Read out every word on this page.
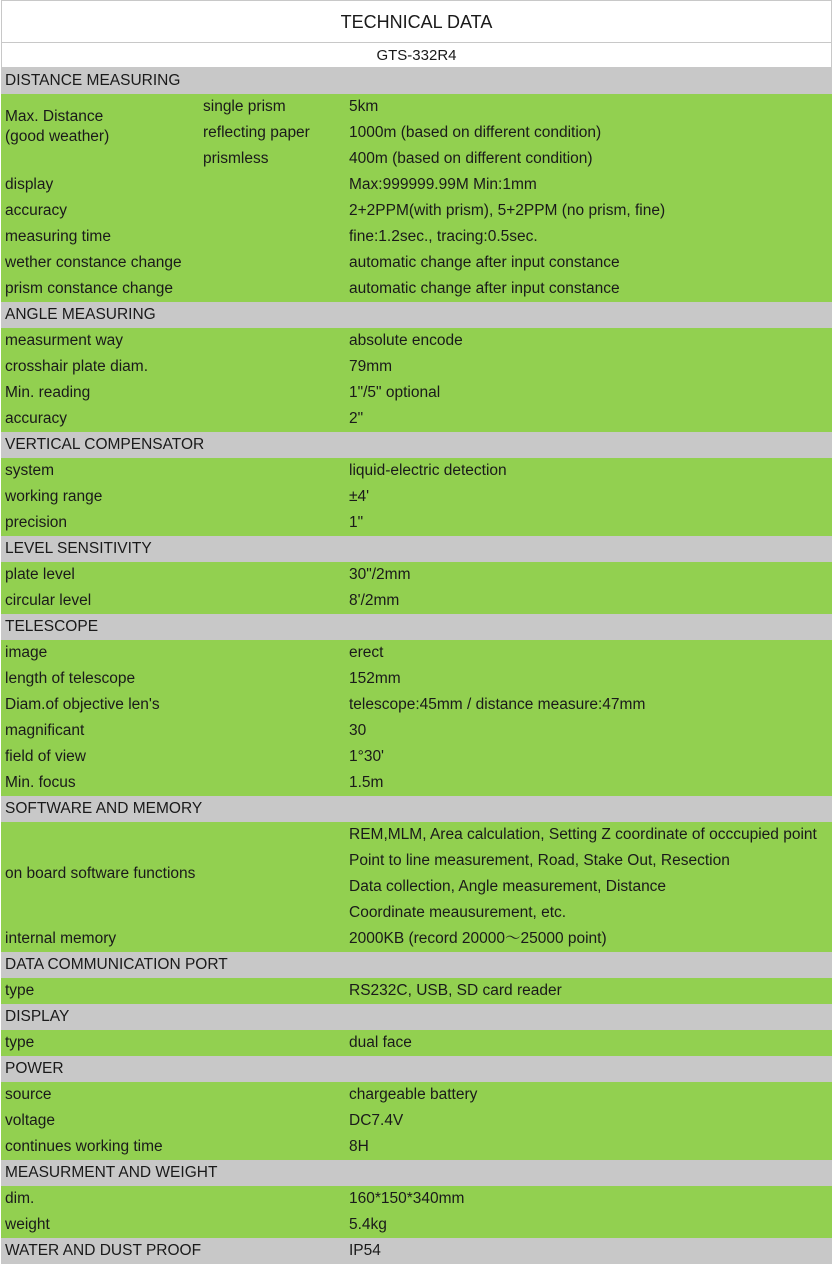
TECHNICAL DATA
GTS-332R4
DISTANCE MEASURING
Max. Distance
(good weather)
single prism	5km
reflecting paper	1000m (based on different condition)
prismless	400m (based on different condition)
display	Max:999999.99M Min:1mm
accuracy	2+2PPM(with prism), 5+2PPM (no prism, fine)
measuring time	fine:1.2sec., tracing:0.5sec.
wether constance change	automatic change after input constance
prism constance change	automatic change after input constance
ANGLE MEASURING
measurment way	absolute encode
crosshair plate diam.	79mm
Min. reading	1"/5" optional
accuracy	2"
VERTICAL COMPENSATOR
system	liquid-electric detection
working range	±4'
precision	1"
LEVEL SENSITIVITY
plate level	30"/2mm
circular level	8'/2mm
TELESCOPE
image	erect
length of telescope	152mm
Diam.of objective len's	telescope:45mm / distance measure:47mm
magnificant	30
field of view	1°30'
Min. focus	1.5m
SOFTWARE AND MEMORY
on board software functions
REM,MLM, Area calculation, Setting Z coordinate of occcupied point
Point to line measurement, Road, Stake Out, Resection
Data collection, Angle measurement, Distance
Coordinate meausurement, etc.
internal memory	2000KB (record 20000～25000 point)
DATA COMMUNICATION PORT
type	RS232C, USB, SD card reader
DISPLAY
type	dual face
POWER
source	chargeable battery
voltage	DC7.4V
continues working time	8H
MEASURMENT AND WEIGHT
dim.	160*150*340mm
weight	5.4kg
WATER AND DUST PROOF	IP54
